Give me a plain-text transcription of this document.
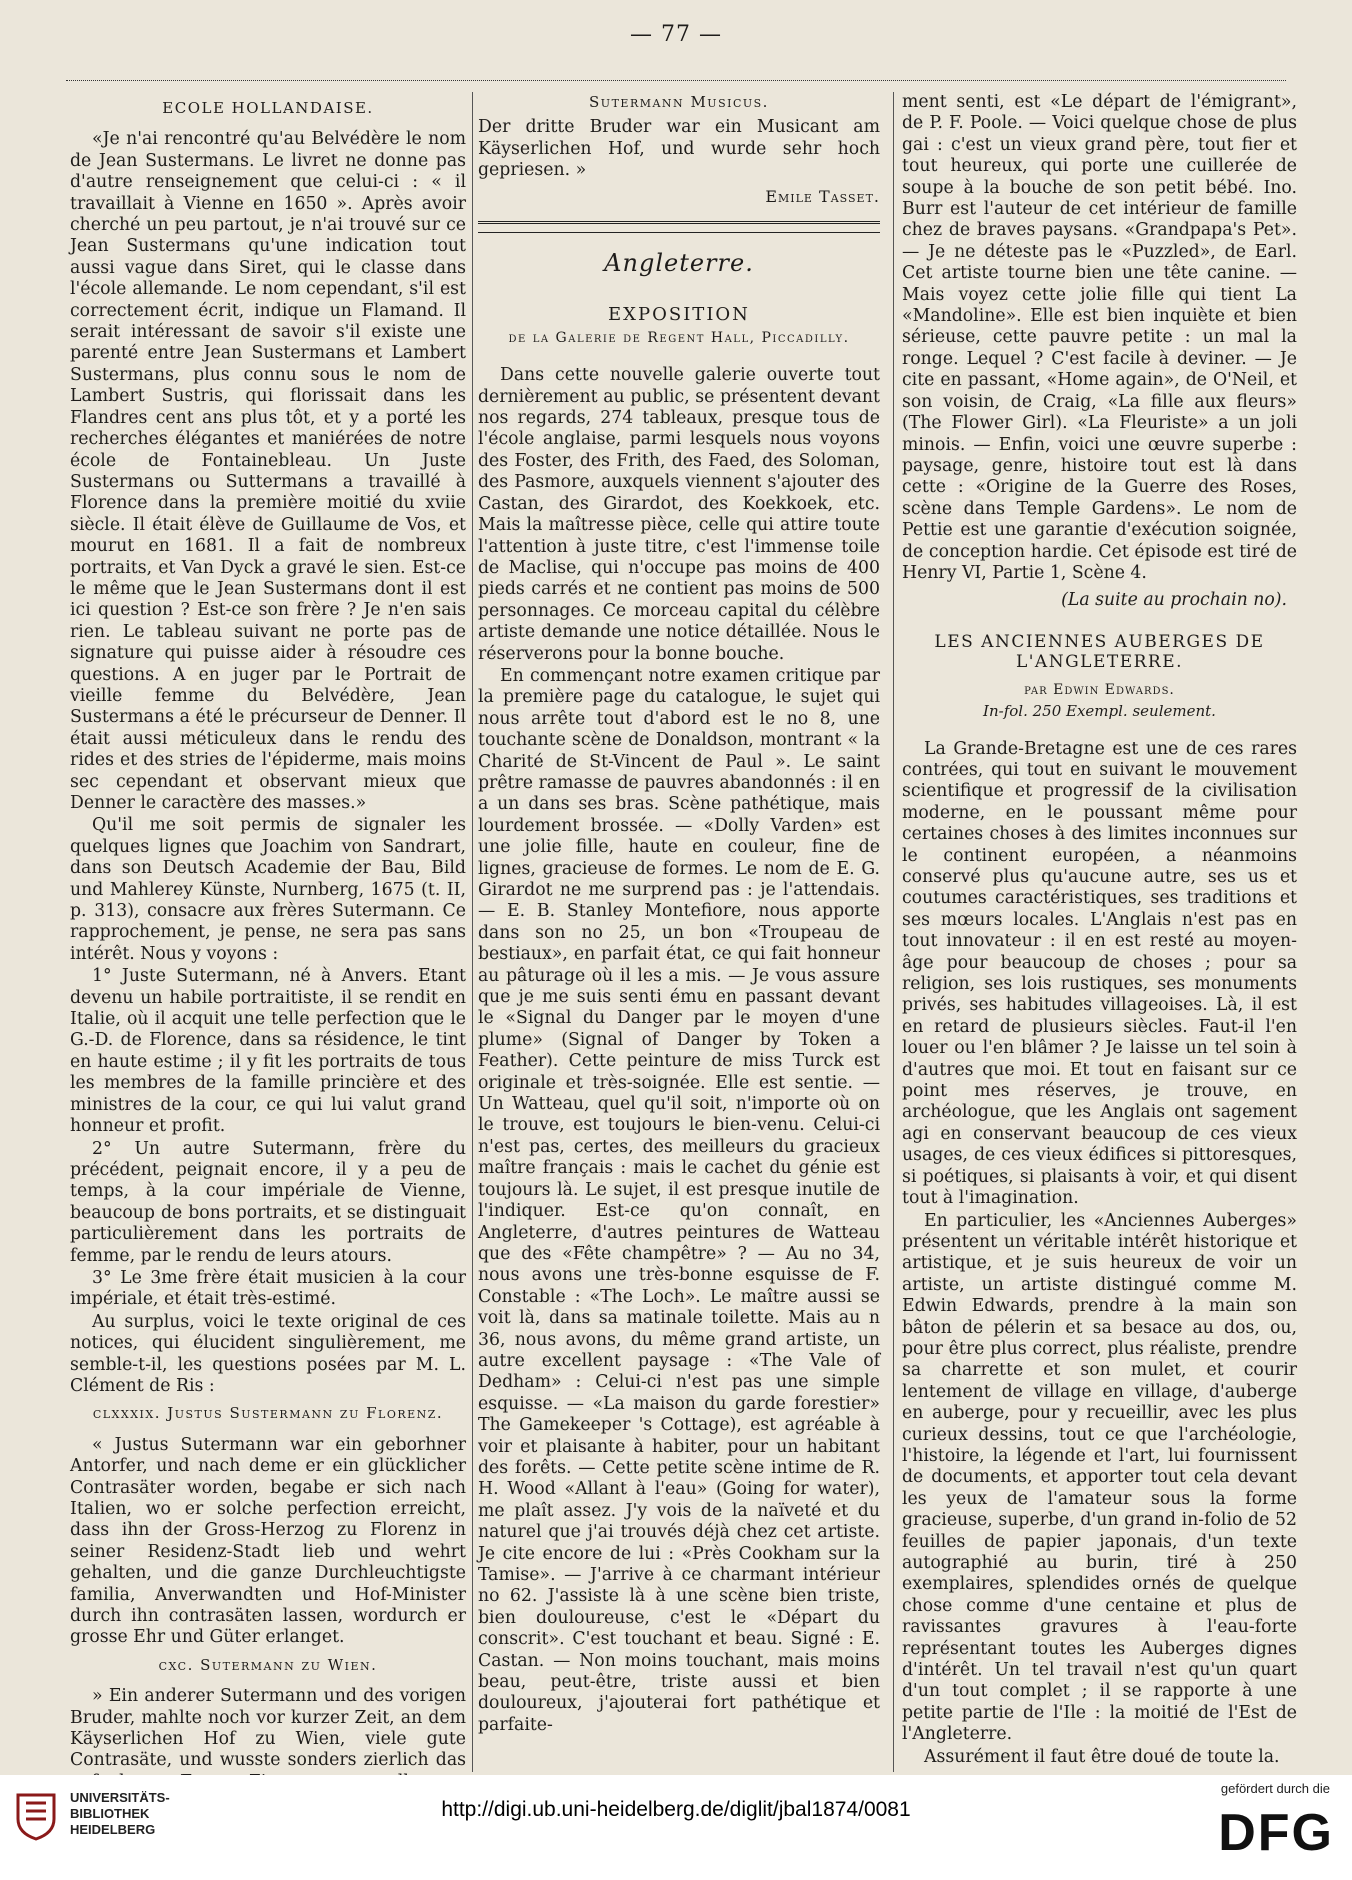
— 77 —
ECOLE HOLLANDAISE.

«Je n'ai rencontré qu'au Belvédère le nom de Jean Sustermans. Le livret ne donne pas d'autre renseignement que celui-ci : « il travaillait à Vienne en 1650 ». Après avoir cherché un peu partout, je n'ai trouvé sur ce Jean Sustermans qu'une indication tout aussi vague dans Siret, qui le classe dans l'école allemande. Le nom cependant, s'il est correctement écrit, indique un Flamand. Il serait intéressant de savoir s'il existe une parenté entre Jean Sustermans et Lambert Sustermans, plus connu sous le nom de Lambert Sustris, qui florissait dans les Flandres cent ans plus tôt, et y a porté les recherches élégantes et maniérées de notre école de Fontainebleau. Un Juste Sustermans ou Suttermans a travaillé à Florence dans la première moitié du xviie siècle. Il était élève de Guillaume de Vos, et mourut en 1681. Il a fait de nombreux portraits, et Van Dyck a gravé le sien. Est-ce le même que le Jean Sustermans dont il est ici question ? Est-ce son frère ? Je n'en sais rien. Le tableau suivant ne porte pas de signature qui puisse aider à résoudre ces questions. A en juger par le Portrait de vieille femme du Belvédère, Jean Sustermans a été le précurseur de Denner. Il était aussi méticuleux dans le rendu des rides et des stries de l'épiderme, mais moins sec cependant et observant mieux que Denner le caractère des masses.»

Qu'il me soit permis de signaler les quelques lignes que Joachim von Sandrart, dans son Deutsch Academie der Bau, Bild und Mahlerey Künste, Nurnberg, 1675 (t. II, p. 313), consacre aux frères Sutermann. Ce rapprochement, je pense, ne sera pas sans intérêt. Nous y voyons :

1° Juste Sutermann, né à Anvers. Etant devenu un habile portraitiste, il se rendit en Italie, où il acquit une telle perfection que le G.-D. de Florence, dans sa résidence, le tint en haute estime ; il y fit les portraits de tous les membres de la famille princière et des ministres de la cour, ce qui lui valut grand honneur et profit.

2° Un autre Sutermann, frère du précédent, peignait encore, il y a peu de temps, à la cour impériale de Vienne, beaucoup de bons portraits, et se distinguait particulièrement dans les portraits de femme, par le rendu de leurs atours.

3° Le 3me frère était musicien à la cour impériale, et était très-estimé.

Au surplus, voici le texte original de ces notices, qui élucident singulièrement, me semble-t-il, les questions posées par M. L. Clément de Ris :

clxxxix. Justus Sustermann zu Florenz.

« Justus Sutermann war ein geborhner Antorfer, und nach deme er ein glücklicher Contrasäter worden, begabe er sich nach Italien, wo er solche perfection erreicht, dass ihn der Gross-Herzog zu Florenz in seiner Residenz-Stadt lieb und wehrt gehalten, und die ganze Durchleuchtigste familia, Anverwandten und Hof-Minister durch ihn contrasäten lassen, wordurch er grosse Ehr und Güter erlanget.

cxc. Sutermann zu Wien.

» Ein anderer Sutermann und des vorigen Bruder, mahlte noch vor kurzer Zeit, an dem Käyserlichen Hof zu Wien, viele gute Contrasäte, und wusste sonders zierlich das

Sutermann Musicus.

Der dritte Bruder war ein Musicant am Käyserlichen Hof, und wurde sehr hoch gepriesen. »

Emile Tasset.
Angleterre.
EXPOSITION
de la Galerie de Regent Hall, Piccadilly.

Dans cette nouvelle galerie ouverte tout dernièrement au public, se présentent devant nos regards, 274 tableaux, presque tous de l'école anglaise, parmi lesquels nous voyons des Foster, des Frith, des Faed, des Soloman, des Pasmore, auxquels viennent s'ajouter des Castan, des Girardot, des Koekkoek, etc. Mais la maîtresse pièce, celle qui attire toute l'attention à juste titre, c'est l'immense toile de Maclise, qui n'occupe pas moins de 400 pieds carrés et ne contient pas moins de 500 personnages. Ce morceau capital du célèbre artiste demande une notice détaillée. Nous le réserverons pour la bonne bouche.

En commençant notre examen critique par la première page du catalogue, le sujet qui nous arrête tout d'abord est le no 8, une touchante scène de Donaldson, montrant « la Charité de St-Vincent de Paul ». Le saint prêtre ramasse de pauvres abandonnés : il en a un dans ses bras. Scène pathétique, mais lourdement brossée. — «Dolly Varden» est une jolie fille, haute en couleur, fine de lignes, gracieuse de formes. Le nom de E. G. Girardot ne me surprend pas : je l'attendais. — E. B. Stanley Montefiore, nous apporte dans son no 25, un bon «Troupeau de bestiaux», en parfait état, ce qui fait honneur au pâturage où il les a mis. — Je vous assure que je me suis senti ému en passant devant le «Signal du Danger par le moyen d'une plume» (Signal of Danger by Token a Feather). Cette peinture de miss Turck est originale et très-soignée. Elle est sentie. — Un Watteau, quel qu'il soit, n'importe où on le trouve, est toujours le bien-venu. Celui-ci n'est pas, certes, des meilleurs du gracieux maître français : mais le cachet du génie est toujours là. Le sujet, il est presque inutile de l'indiquer. Est-ce qu'on connaît, en Angleterre, d'autres peintures de Watteau que des «Fête champêtre» ? — Au no 34, nous avons une très-bonne esquisse de F. Constable : «The Loch». Le maître aussi se voit là, dans sa matinale toilette. Mais au n 36, nous avons, du même grand artiste, un autre excellent paysage : «The Vale of Dedham» : Celui-ci n'est pas une simple esquisse. — «La maison du garde forestier» The Gamekeeper 's Cottage), est agréable à voir et plaisante à habiter, pour un habitant des forêts. — Cette petite scène intime de R. H. Wood «Allant à l'eau» (Going for water), me plaît assez. J'y vois de la naïveté et du naturel que j'ai trouvés déjà chez cet artiste. Je cite encore de lui : «Près Cookham sur la Tamise». — J'arrive à ce charmant intérieur no 62. J'assiste là à une scène bien triste, bien douloureuse, c'est le «Départ du conscrit». C'est touchant et beau. Signé : E. Castan. — Non moins touchant, mais moins beau, peut-être, triste aussi et bien douloureux, j'ajouterai fort pathétique et parfaite-

ment senti, est «Le départ de l'émigrant», de P. F. Poole. — Voici quelque chose de plus gai : c'est un vieux grand père, tout fier et tout heureux, qui porte une cuillerée de soupe à la bouche de son petit bébé. Ino. Burr est l'auteur de cet intérieur de famille chez de braves paysans. «Grandpapa's Pet». — Je ne déteste pas le «Puzzled», de Earl. Cet artiste tourne bien une tête canine. — Mais voyez cette jolie fille qui tient La «Mandoline». Elle est bien inquiète et bien sérieuse, cette pauvre petite : un mal la ronge. Lequel ? C'est facile à deviner. — Je cite en passant, «Home again», de O'Neil, et son voisin, de Craig, «La fille aux fleurs» (The Flower Girl). «La Fleuriste» a un joli minois. — Enfin, voici une œuvre superbe : paysage, genre, histoire tout est là dans cette : «Origine de la Guerre des Roses, scène dans Temple Gardens». Le nom de Pettie est une garantie d'exécution soignée, de conception hardie. Cet épisode est tiré de Henry VI, Partie 1, Scène 4.

(La suite au prochain no).
LES ANCIENNES AUBERGES DE L'ANGLETERRE.
par Edwin Edwards.
In-fol. 250 Exempl. seulement.

La Grande-Bretagne est une de ces rares contrées, qui tout en suivant le mouvement scientifique et progressif de la civilisation moderne, en le poussant même pour certaines choses à des limites inconnues sur le continent européen, a néanmoins conservé plus qu'aucune autre, ses us et coutumes caractéristiques, ses traditions et ses mœurs locales. L'Anglais n'est pas en tout innovateur : il en est resté au moyen-âge pour beaucoup de choses ; pour sa religion, ses lois rustiques, ses monuments privés, ses habitudes villageoises. Là, il est en retard de plusieurs siècles. Faut-il l'en louer ou l'en blâmer ? Je laisse un tel soin à d'autres que moi. Et tout en faisant sur ce point mes réserves, je trouve, en archéologue, que les Anglais ont sagement agi en conservant beaucoup de ces vieux usages, de ces vieux édifices si pittoresques, si poétiques, si plaisants à voir, et qui disent tout à l'imagination.

En particulier, les «Anciennes Auberges» présentent un véritable intérêt historique et artistique, et je suis heureux de voir un artiste, un artiste distingué comme M. Edwin Edwards, prendre à la main son bâton de pélerin et sa besace au dos, ou, pour être plus correct, plus réaliste, prendre sa charrette et son mulet, et courir lentement de village en village, d'auberge en auberge, pour y recueillir, avec les plus curieux dessins, tout ce que l'archéologie, l'histoire, la légende et l'art, lui fournissent de documents, et apporter tout cela devant les yeux de l'amateur sous la forme gracieuse, superbe, d'un grand in-folio de 52 feuilles de papier japonais, d'un texte autographié au burin, tiré à 250 exemplaires, splendides ornés de quelque chose comme d'une centaine et plus de ravissantes gravures à l'eau-forte représentant toutes les Auberges dignes d'intérêt. Un tel travail n'est qu'un quart d'un tout complet ; il se rapporte à une petite partie de l'Ile : la moitié de l'Est de l'Angleterre.

Assurément il faut être doué de toute la.

UNIVERSITÄTS-
BIBLIOTHEK
HEIDELBERG
http://digi.ub.uni-heidelberg.de/diglit/jbal1874/0081
gefördert durch die
DFG
